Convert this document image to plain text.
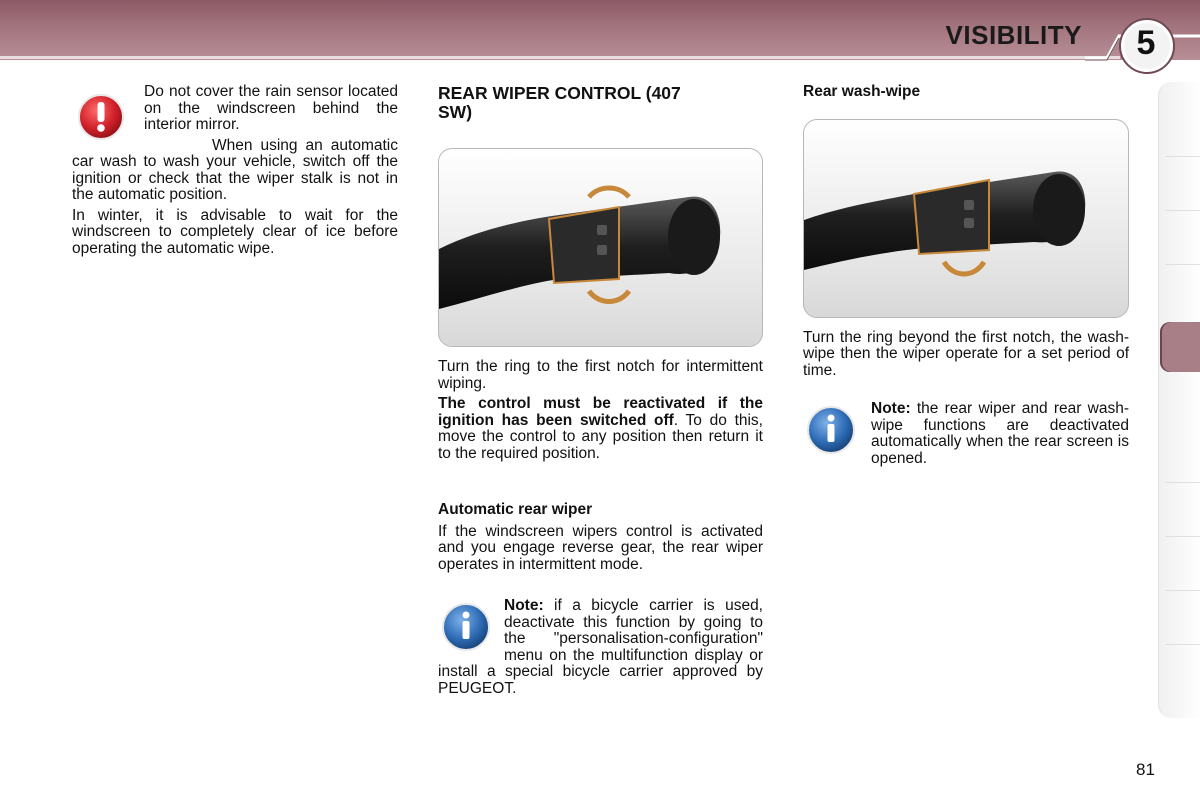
VISIBILITY	5

Do not cover the rain sensor located on the windscreen behind the interior mirror.

When using an automatic car wash to wash your vehicle, switch off the ignition or check that the wiper stalk is not in the automatic position.

In winter, it is advisable to wait for the windscreen to completely clear of ice before operating the automatic wipe.

REAR WIPER CONTROL (407 SW)

Turn the ring to the first notch for intermittent wiping.

The control must be reactivated if the ignition has been switched off. To do this, move the control to any position then return it to the required position.

Automatic rear wiper

If the windscreen wipers control is activated and you engage reverse gear, the rear wiper operates in intermittent mode.

Note: if a bicycle carrier is used, deactivate this function by going to the "personalisation-configuration" menu on the multifunction display or install a special bicycle carrier approved by PEUGEOT.

Rear wash-wipe

Turn the ring beyond the first notch, the wash-wipe then the wiper operate for a set period of time.

Note: the rear wiper and rear wash-wipe functions are deactivated automatically when the rear screen is opened.

81
